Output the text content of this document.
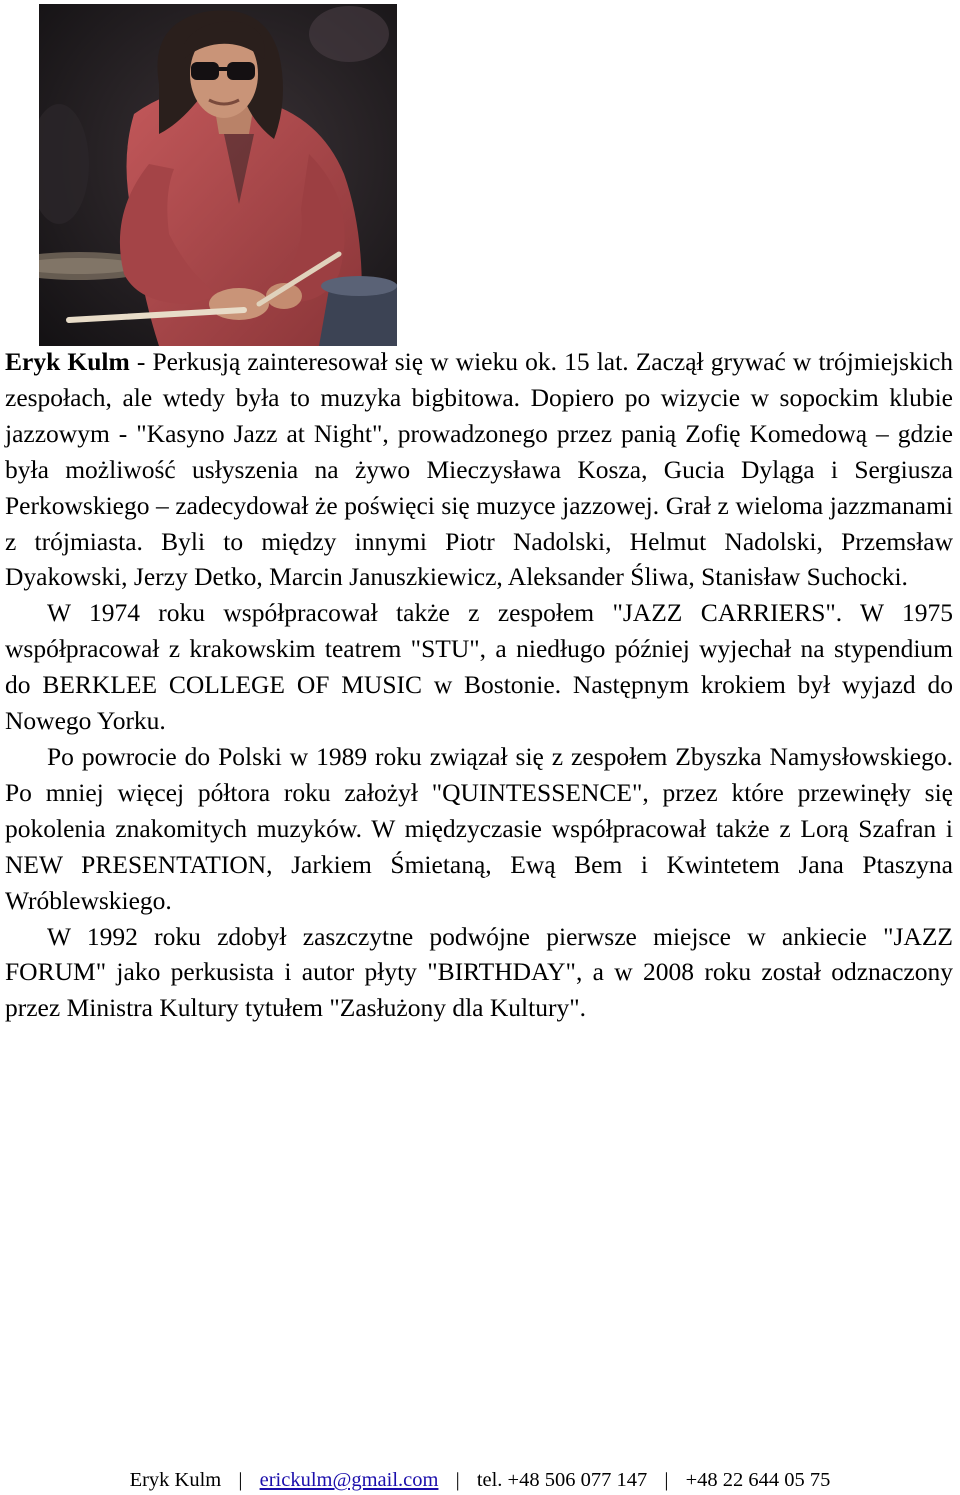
Eryk Kulm - Perkusją zainteresował się w wieku ok. 15 lat. Zaczął grywać w trójmiejskich zespołach, ale wtedy była to muzyka bigbitowa. Dopiero po wizycie w sopockim klubie jazzowym - "Kasyno Jazz at Night", prowadzonego przez panią Zofię Komedową – gdzie była możliwość usłyszenia na żywo Mieczysława Kosza, Gucia Dyląga i Sergiusza Perkowskiego – zadecydował że poświęci się muzyce jazzowej. Grał z wieloma jazzmanami z trójmiasta. Byli to między innymi Piotr Nadolski, Helmut Nadolski, Przemsław Dyakowski, Jerzy Detko, Marcin Januszkiewicz, Aleksander Śliwa, Stanisław Suchocki.

W 1974 roku współpracował także z zespołem "JAZZ CARRIERS". W 1975 współpracował z krakowskim teatrem "STU", a niedługo później wyjechał na stypendium do BERKLEE COLLEGE OF MUSIC w Bostonie. Następnym krokiem był wyjazd do Nowego Yorku.

Po powrocie do Polski w 1989 roku związał się z zespołem Zbyszka Namysłowskiego. Po mniej więcej półtora roku założył "QUINTESSENCE", przez które przewinęły się pokolenia znakomitych muzyków. W międzyczasie współpracował także z Lorą Szafran i NEW PRESENTATION, Jarkiem Śmietaną, Ewą Bem i Kwintetem Jana Ptaszyna Wróblewskiego.

W 1992 roku zdobył zaszczytne podwójne pierwsze miejsce w ankiecie "JAZZ FORUM" jako perkusista i autor płyty "BIRTHDAY", a w 2008 roku został odznaczony przez Ministra Kultury tytułem "Zasłużony dla Kultury".

Eryk Kulm | erickulm@gmail.com | tel. +48 506 077 147 | +48 22 644 05 75
